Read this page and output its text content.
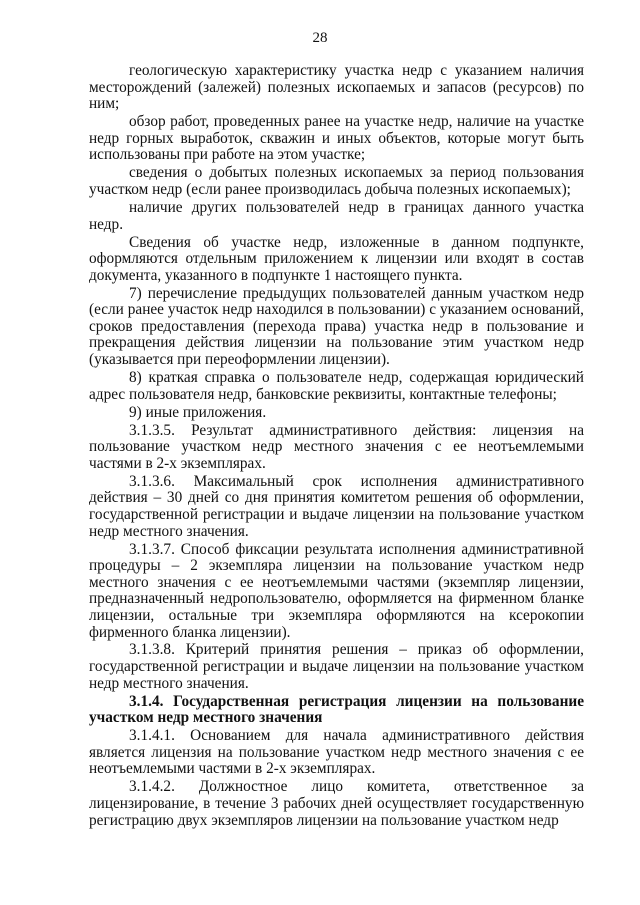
28

геологическую характеристику участка недр с указанием наличия месторождений (залежей) полезных ископаемых и запасов (ресурсов) по ним;

обзор работ, проведенных ранее на участке недр, наличие на участке недр горных выработок, скважин и иных объектов, которые могут быть использованы при работе на этом участке;

сведения о добытых полезных ископаемых за период пользования участком недр (если ранее производилась добыча полезных ископаемых);

наличие других пользователей недр в границах данного участка недр.

Сведения об участке недр, изложенные в данном подпункте, оформляются отдельным приложением к лицензии или входят в состав документа, указанного в подпункте 1 настоящего пункта.

7) перечисление предыдущих пользователей данным участком недр (если ранее участок недр находился в пользовании) с указанием оснований, сроков предоставления (перехода права) участка недр в пользование и прекращения действия лицензии на пользование этим участком недр (указывается при переоформлении лицензии).

8) краткая справка о пользователе недр, содержащая юридический адрес пользователя недр, банковские реквизиты, контактные телефоны;

9) иные приложения.

3.1.3.5. Результат административного действия: лицензия на пользование участком недр местного значения с ее неотъемлемыми частями в 2-х экземплярах.

3.1.3.6. Максимальный срок исполнения административного действия – 30 дней со дня принятия комитетом решения об оформлении, государственной регистрации и выдаче лицензии на пользование участком недр местного значения.

3.1.3.7. Способ фиксации результата исполнения административной процедуры – 2 экземпляра лицензии на пользование участком недр местного значения с ее неотъемлемыми частями (экземпляр лицензии, предназначенный недропользователю, оформляется на фирменном бланке лицензии, остальные три экземпляра оформляются на ксерокопии фирменного бланка лицензии).

3.1.3.8. Критерий принятия решения – приказ об оформлении, государственной регистрации и выдаче лицензии на пользование участком недр местного значения.

3.1.4. Государственная регистрация лицензии на пользование участком недр местного значения

3.1.4.1. Основанием для начала административного действия является лицензия на пользование участком недр местного значения с ее неотъемлемыми частями в 2-х экземплярах.

3.1.4.2. Должностное лицо комитета, ответственное за лицензирование, в течение 3 рабочих дней осуществляет государственную регистрацию двух экземпляров лицензии на пользование участком недр
